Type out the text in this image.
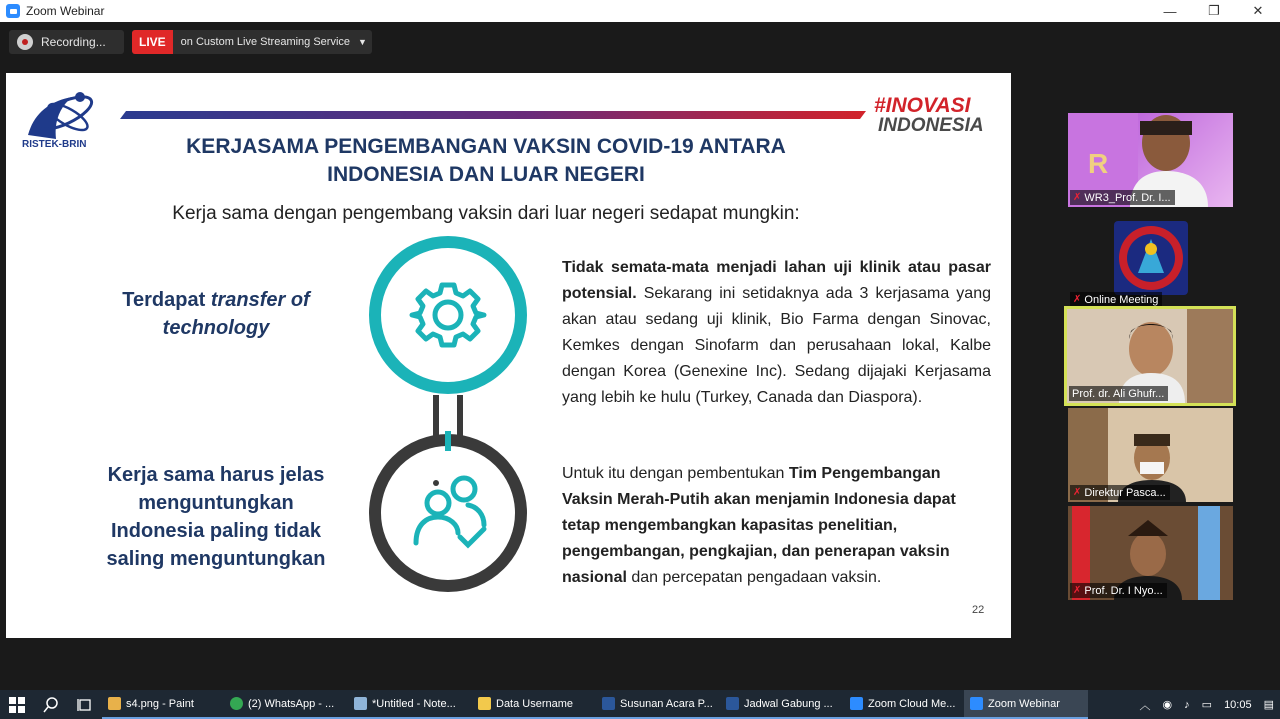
Zoom Webinar	—	❐	✕
Recording...	LIVE	on Custom Live Streaming Service ▼
RISTEK-BRIN
#INOVASI
INDONESIA
KERJASAMA PENGEMBANGAN VAKSIN COVID-19 ANTARA
INDONESIA DAN LUAR NEGERI
Kerja sama dengan pengembang vaksin dari luar negeri sedapat mungkin:
Terdapat transfer of
technology
Kerja sama harus jelas menguntungkan Indonesia paling tidak saling menguntungkan
Tidak semata-mata menjadi lahan uji klinik atau pasar potensial. Sekarang ini setidaknya ada 3 kerjasama yang akan atau sedang uji klinik, Bio Farma dengan Sinovac, Kemkes dengan Sinofarm dan perusahaan lokal, Kalbe dengan Korea (Genexine Inc). Sedang dijajaki Kerjasama yang lebih ke hulu (Turkey, Canada dan Diaspora).
Untuk itu dengan pembentukan Tim Pengembangan Vaksin Merah-Putih akan menjamin Indonesia dapat tetap mengembangkan kapasitas penelitian, pengembangan, pengkajian, dan penerapan vaksin nasional dan percepatan pengadaan vaksin.
22
R
✗ WR3_Prof. Dr. I...
✗ Online Meeting
Prof. dr. Ali Ghufr...
✗ Direktur Pasca...
✗ Prof. Dr. I Nyo...
s4.png - Paint	(2) WhatsApp - ...	*Untitled - Note...	Data Username	Susunan Acara P...	Jadwal Gabung ...	Zoom Cloud Me...	Zoom Webinar	︿ ◉ ♪ ▭ 10:05 ▤
